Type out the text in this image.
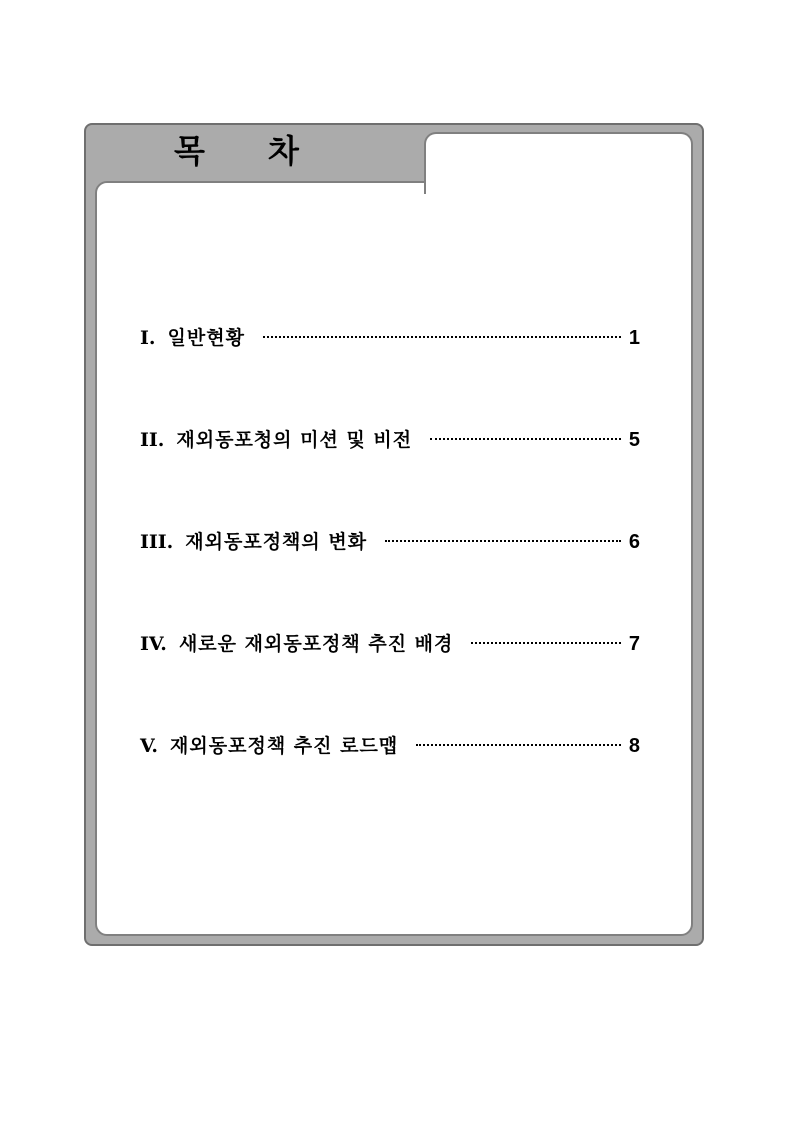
목 차
I. 일반현황	1
II. 재외동포청의 미션 및 비전	5
III. 재외동포정책의 변화	6
IV. 새로운 재외동포정책 추진 배경	7
V. 재외동포정책 추진 로드맵	8
